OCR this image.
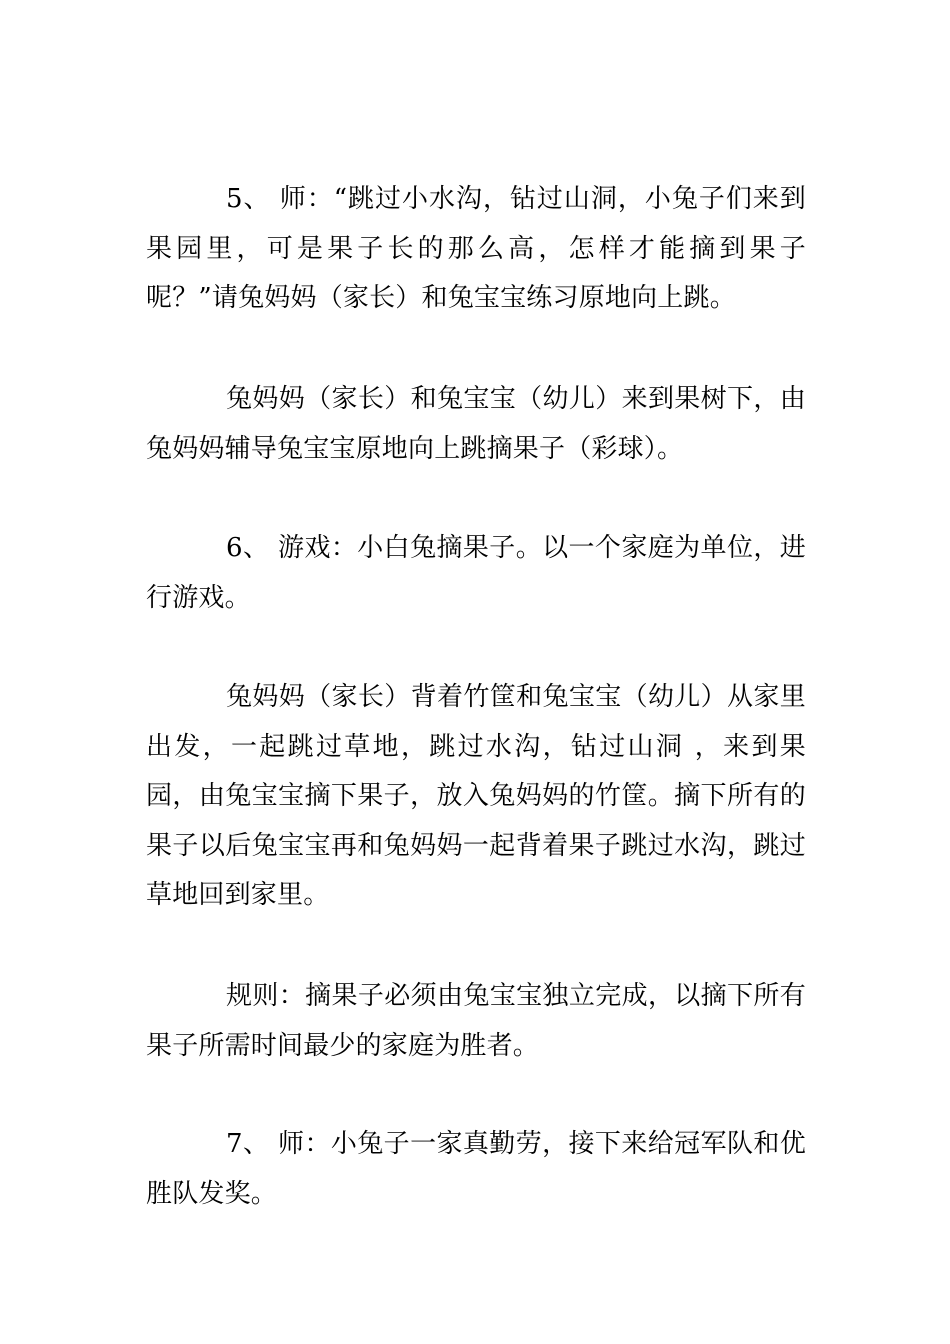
5、 师：“跳过小水沟，钻过山洞，小兔子们来到果园里，可是果子长的那么高，怎样才能摘到果子呢？”请兔妈妈（家长）和兔宝宝练习原地向上跳。

兔妈妈（家长）和兔宝宝（幼儿）来到果树下，由兔妈妈辅导兔宝宝原地向上跳摘果子（彩球）。

6、 游戏：小白兔摘果子。以一个家庭为单位，进行游戏。

兔妈妈（家长）背着竹筐和兔宝宝（幼儿）从家里出发，一起跳过草地，跳过水沟，钻过山洞 ，来到果园，由兔宝宝摘下果子，放入兔妈妈的竹筐。摘下所有的果子以后兔宝宝再和兔妈妈一起背着果子跳过水沟，跳过草地回到家里。

规则：摘果子必须由兔宝宝独立完成，以摘下所有果子所需时间最少的家庭为胜者。

7、 师：小兔子一家真勤劳，接下来给冠军队和优胜队发奖。
